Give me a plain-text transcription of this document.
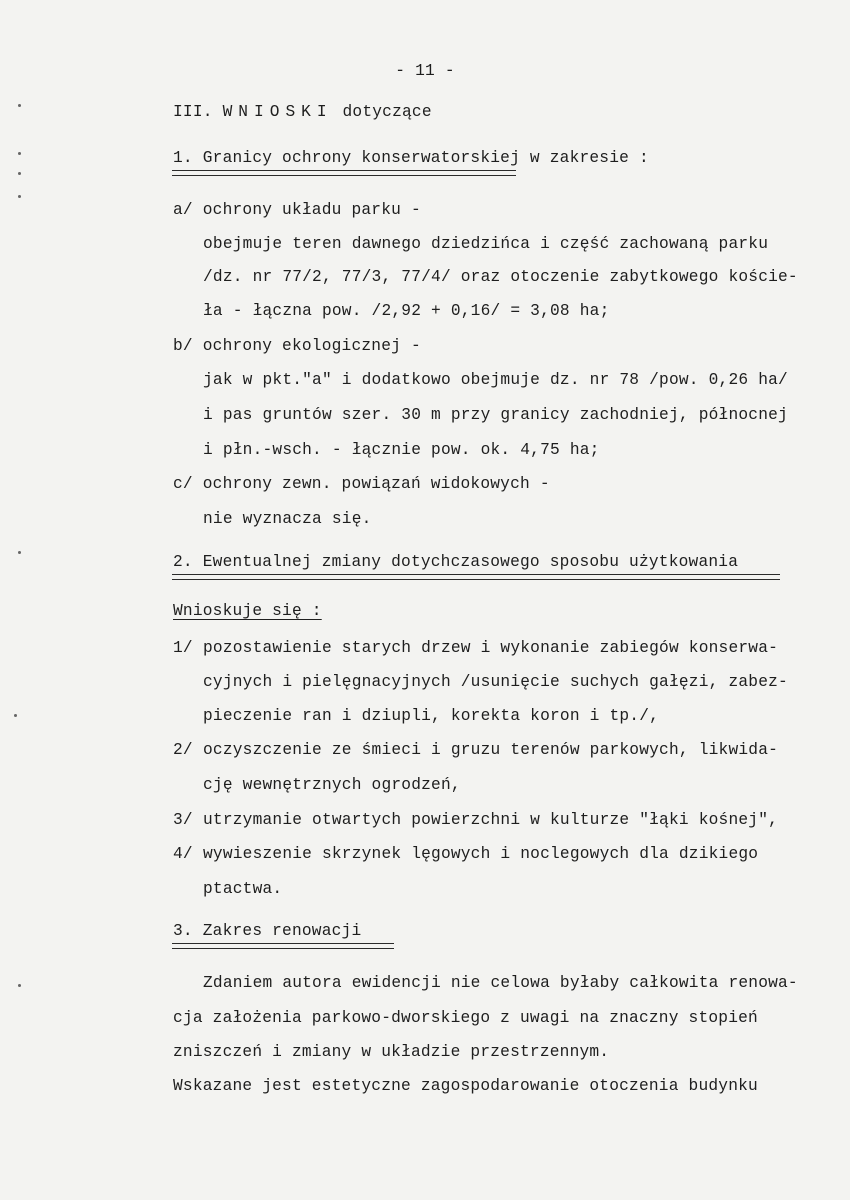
- 11 -
III. WNIOSKI dotyczące
1. Granicy ochrony konserwatorskiej w zakresie :
a/ ochrony układu parku -
obejmuje teren dawnego dziedzińca i część zachowaną parku
/dz. nr 77/2, 77/3, 77/4/ oraz otoczenie zabytkowego koście-
ła - łączna pow. /2,92 + 0,16/ = 3,08 ha;
b/ ochrony ekologicznej -
jak w pkt."a" i dodatkowo obejmuje dz. nr 78 /pow. 0,26 ha/
i pas gruntów szer. 30 m przy granicy zachodniej, północnej
i płn.-wsch. - łącznie pow. ok. 4,75 ha;
c/ ochrony zewn. powiązań widokowych -
nie wyznacza się.
2. Ewentualnej zmiany dotychczasowego sposobu użytkowania
Wnioskuje się :
1/ pozostawienie starych drzew i wykonanie zabiegów konserwa-
cyjnych i pielęgnacyjnych /usunięcie suchych gałęzi, zabez-
pieczenie ran i dziupli, korekta koron i tp./,
2/ oczyszczenie ze śmieci i gruzu terenów parkowych, likwida-
cję wewnętrznych ogrodzeń,
3/ utrzymanie otwartych powierzchni w kulturze "łąki kośnej",
4/ wywieszenie skrzynek lęgowych i noclegowych dla dzikiego
ptactwa.
3. Zakres renowacji
Zdaniem autora ewidencji nie celowa byłaby całkowita renowa-
cja założenia parkowo-dworskiego z uwagi na znaczny stopień
zniszczeń i zmiany w układzie przestrzennym.
Wskazane jest estetyczne zagospodarowanie otoczenia budynku
